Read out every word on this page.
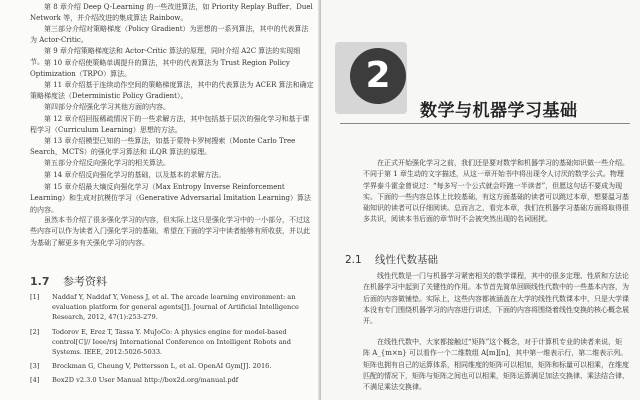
第 8 章介绍 Deep Q-Learning 的一些改进算法，如 Priority Replay Buffer、Duel Network 等，并介绍改进的集成算法 Rainbow。

第三部分介绍对策略梯度（Policy Gradient）为思想的一系列算法，其中的代表算法为 Actor-Critic。

第 9 章介绍策略梯度法和 Actor-Critic 算法的原理，同时介绍 A2C 算法的实现细节。 第 10 章介绍使策略单调提升的算法，其中的代表算法为 Trust Region Policy Optimization（TRPO）算法。

第 11 章介绍基于连续动作空间的策略梯度算法，其中的代表算法为 ACER 算法和确定策略梯度法（Deterministic Policy Gradient）。

第四部分介绍强化学习其他方面的内容。

第 12 章介绍回报稀疏情况下的一些求解方法，其中包括基于层次的强化学习和基于课程学习（Curriculum Learning）思想的方法。

第 13 章介绍模型已知的一些算法，如基于蒙特卡罗树搜索（Monte Carlo Tree Search，MCTS）的强化学习算法和 iLQR 算法的原理。

第五部分介绍反向强化学习的相关算法。

第 14 章介绍反向强化学习的基础，以及基本的求解方法。

第 15 章介绍最大熵反向强化学习（Max Entropy Inverse Reinforcement Learning）和生成对抗模仿学习（Generative Adversarial Imitation Learning）算法的内容。

虽然本书介绍了很多强化学习的内容，但实际上这只是强化学习中的一小部分，不过这些内容可以作为读者入门强化学习的基础，希望在下面的学习中读者能够有所收获，并以此为基础了解更多有关强化学习的内容。

1.7 参考资料
[1] Naddaf Y, Naddaf Y, Veness J, et al. The arcade learning environment: an evaluation platform for general agents[J]. Journal of Artificial Intelligence Research, 2012, 47(1):253-279.
[2] Todorov E, Erez T, Tassa Y. MuJoCo: A physics engine for model-based control[C]// Ieee/rsj International Conference on Intelligent Robots and Systems. IEEE, 2012:5026-5033.
[3] Brockman G, Cheung V, Pettersson L, et al. OpenAI Gym[J]. 2016.
[4] Box2D v2.3.0 User Manual http://box2d.org/manual.pdf
2
数学与机器学习基础

在正式开始强化学习之前，我们还是要对数学和机器学习的基础知识做一些介绍。不同于第 1 章生动的文字描述，从这一章开始书中将出现令人讨厌的数学公式。物理学界泰斗霍金曾说过：“每多写一个公式就会吓跑一半读者”，但愿这句话不要成为现实。下面的一些内容总体上比较基础，有这方面基础的读者可以跳过本章，想要温习基础知识的读者可以仔细阅读。总而言之，看完本章，我们在机器学习基础方面将取得很多共识，阅读本书后面的章节时不会被突然出现的名词困扰。

2.1 线性代数基础

线性代数是一门与机器学习紧密相关的数学课程，其中的很多定理、性质和方法论在机器学习中起到了关键性的作用。本节首先简单回顾线性代数中的一些基本内容，为后面的内容做铺垫。实际上，这些内容都被涵盖在大学的线性代数课本中，只是大学课本没有专门围绕机器学习的内容进行讲述，下面的内容将围绕着线性变换的核心概念展开。

在线性代数中，大家都接触过“矩阵”这个概念，对于计算机专业的读者来说，矩阵 A_{m×n} 可以看作一个二维数组 A[m][n]，其中第一维表示行，第二维表示列。矩阵也拥有自己的运算体系，相同维度的矩阵可以相加，矩阵和标量可以相乘，在维度匹配的情况下，矩阵与矩阵之间也可以相乘，矩阵运算满足加法交换律、乘法结合律、不满足乘法交换律。
